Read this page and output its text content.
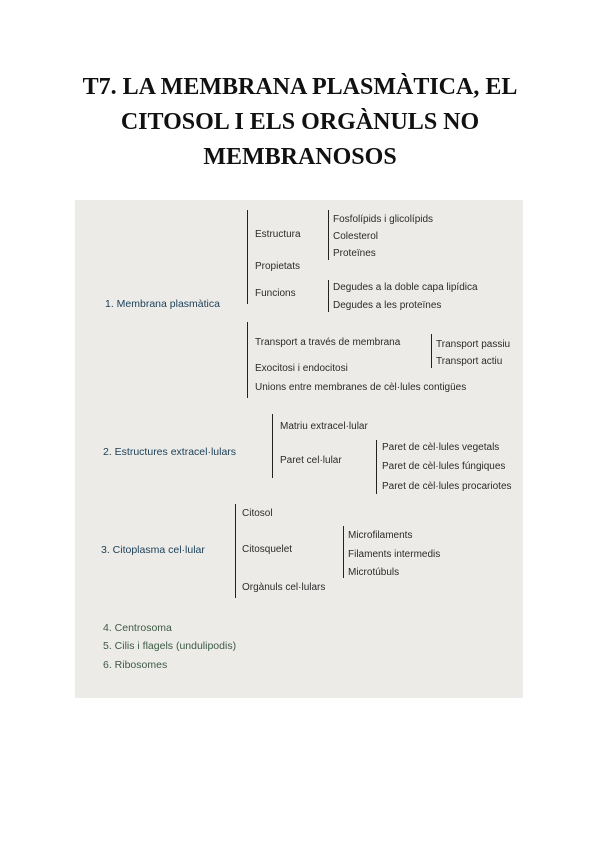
T7. LA MEMBRANA PLASMÀTICA, EL
CITOSOL I ELS ORGÀNULS NO
MEMBRANOSOS
1. Membrana plasmàtica
Estructura
Fosfolípids i glicolípids
Colesterol
Proteïnes
Propietats
Funcions
Degudes a la doble capa lipídica
Degudes a les proteïnes
Transport a través de membrana	Transport passiu
Transport actiu
Exocitosi i endocitosi
Unions entre membranes de cèl·lules contigües
2. Estructures extracel·lulars
Matriu extracel·lular
Paret cel·lular
Paret de cèl·lules vegetals
Paret de cèl·lules fúngiques
Paret de cèl·lules procariotes
3. Citoplasma cel·lular
Citosol
Citosquelet
Microfilaments
Filaments intermedis
Microtúbuls
Orgànuls cel·lulars
4. Centrosoma
5. Cilis i flagels (undulipodis)
6. Ribosomes
